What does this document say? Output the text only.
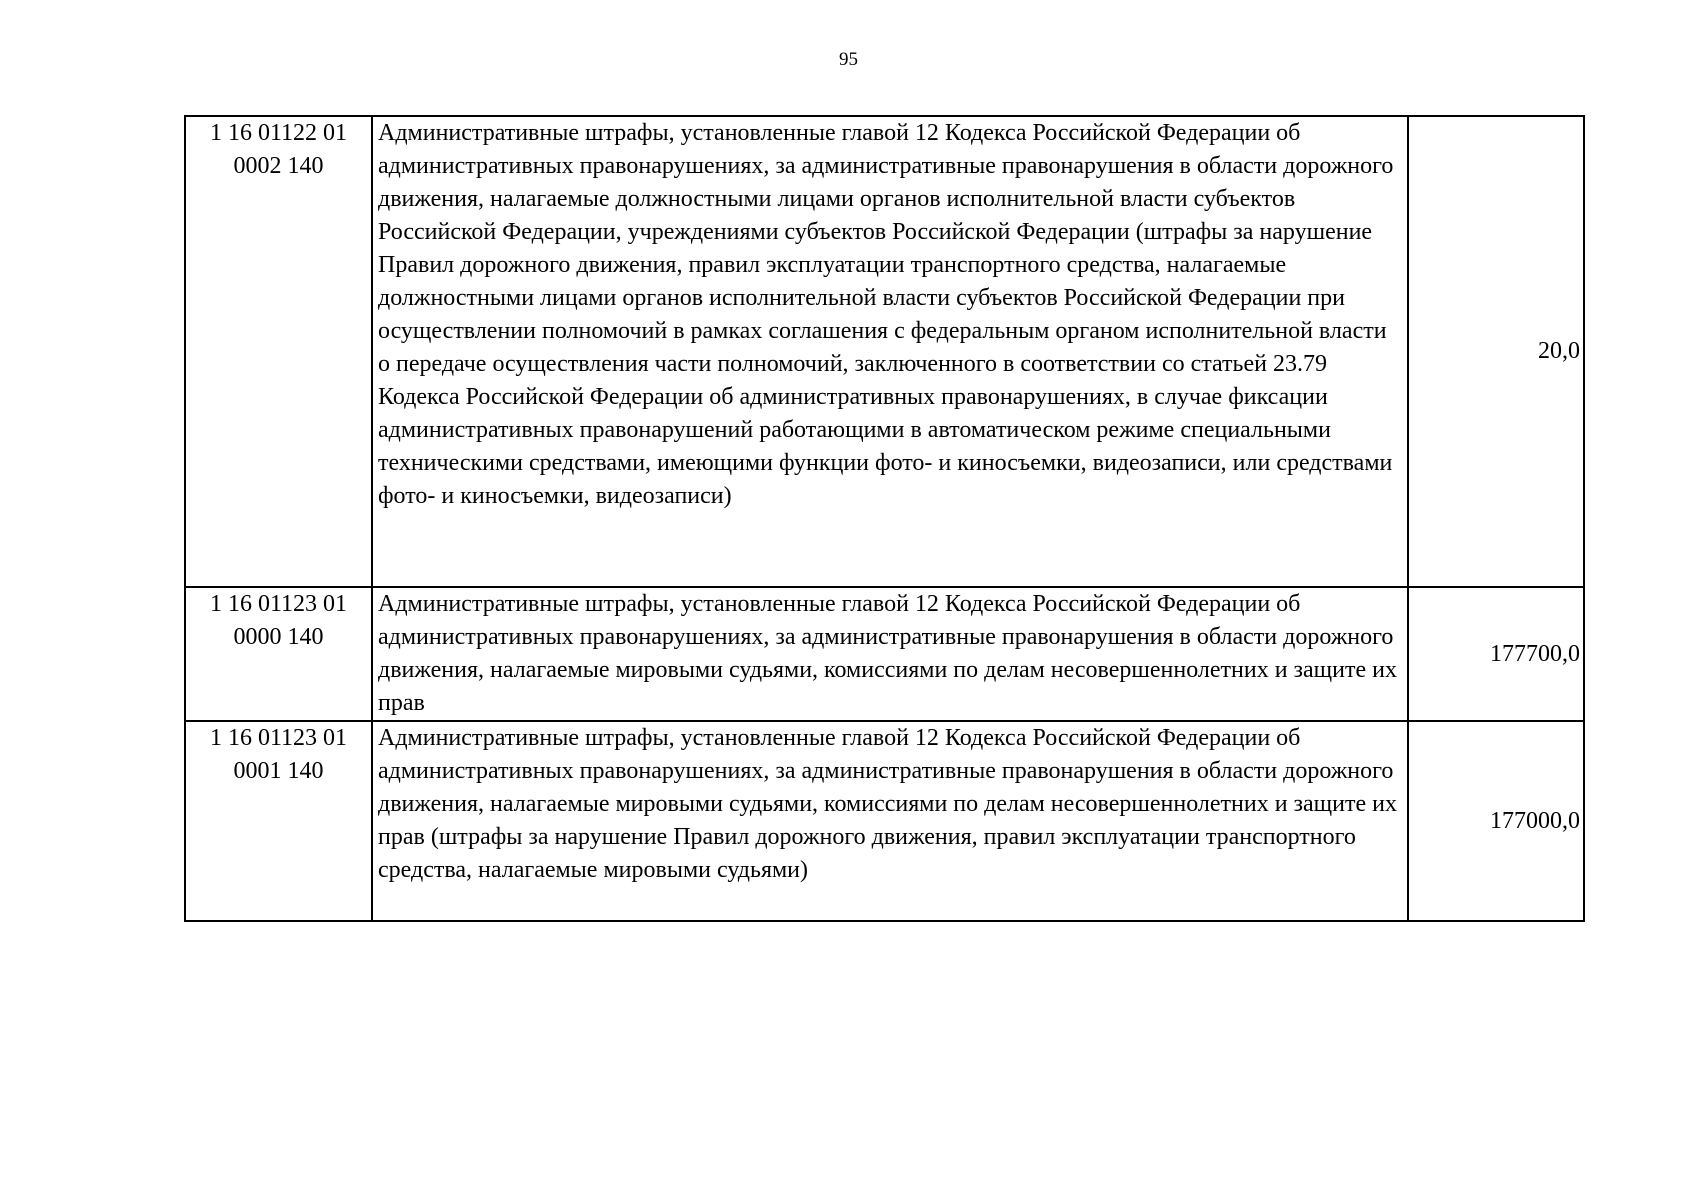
95
1 16 01122 01
0002 140	Административные штрафы, установленные главой 12 Кодекса Российской Федерации об административных правонарушениях, за административные правонарушения в области дорожного движения, налагаемые должностными лицами органов исполнительной власти субъектов Российской Федерации, учреждениями субъектов Российской Федерации (штрафы за нарушение Правил дорожного движения, правил эксплуатации транспортного средства, налагаемые должностными лицами органов исполнительной власти субъектов Российской Федерации при осуществлении полномочий в рамках соглашения с федеральным органом исполнительной власти о передаче осуществления части полномочий, заключенного в соответствии со статьей 23.79 Кодекса Российской Федерации об административных правонарушениях, в случае фиксации административных правонарушений работающими в автоматическом режиме специальными техническими средствами, имеющими функции фото- и киносъемки, видеозаписи, или средствами фото- и киносъемки, видеозаписи)	20,0
1 16 01123 01
0000 140	Административные штрафы, установленные главой 12 Кодекса Российской Федерации об административных правонарушениях, за административные правонарушения в области дорожного движения, налагаемые мировыми судьями, комиссиями по делам несовершеннолетних и защите их прав	177700,0
1 16 01123 01
0001 140	Административные штрафы, установленные главой 12 Кодекса Российской Федерации об административных правонарушениях, за административные правонарушения в области дорожного движения, налагаемые мировыми судьями, комиссиями по делам несовершеннолетних и защите их прав (штрафы за нарушение Правил дорожного движения, правил эксплуатации транспортного средства, налагаемые мировыми судьями)	177000,0
